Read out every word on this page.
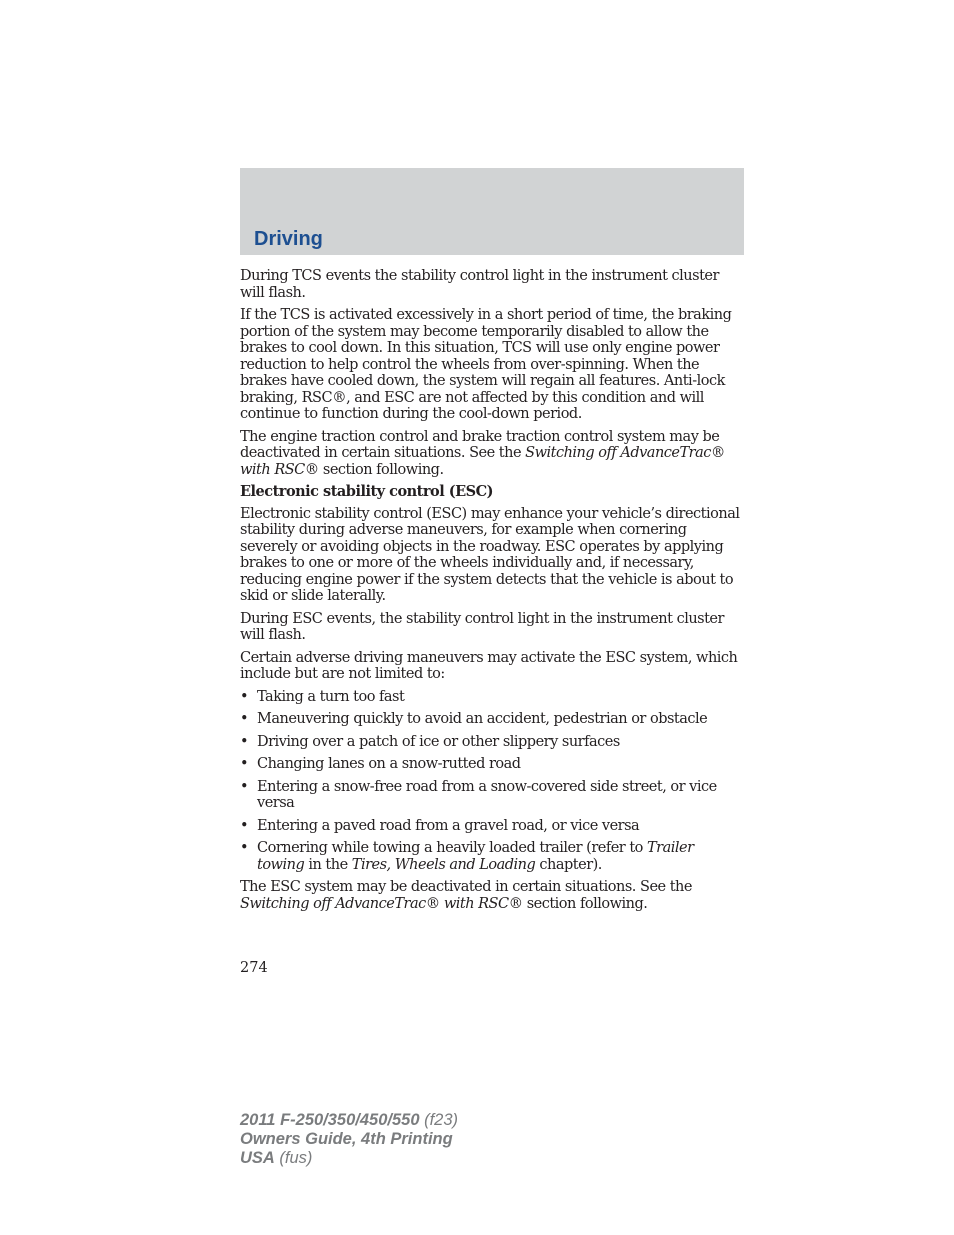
Driving

During TCS events the stability control light in the instrument cluster will flash.

If the TCS is activated excessively in a short period of time, the braking portion of the system may become temporarily disabled to allow the brakes to cool down. In this situation, TCS will use only engine power reduction to help control the wheels from over-spinning. When the brakes have cooled down, the system will regain all features. Anti-lock braking, RSC®, and ESC are not affected by this condition and will continue to function during the cool-down period.

The engine traction control and brake traction control system may be deactivated in certain situations. See the Switching off AdvanceTrac® with RSC® section following.

Electronic stability control (ESC)

Electronic stability control (ESC) may enhance your vehicle’s directional stability during adverse maneuvers, for example when cornering severely or avoiding objects in the roadway. ESC operates by applying brakes to one or more of the wheels individually and, if necessary, reducing engine power if the system detects that the vehicle is about to skid or slide laterally.

During ESC events, the stability control light in the instrument cluster will flash.

Certain adverse driving maneuvers may activate the ESC system, which include but are not limited to:

• Taking a turn too fast
• Maneuvering quickly to avoid an accident, pedestrian or obstacle
• Driving over a patch of ice or other slippery surfaces
• Changing lanes on a snow-rutted road
• Entering a snow-free road from a snow-covered side street, or vice versa
• Entering a paved road from a gravel road, or vice versa
• Cornering while towing a heavily loaded trailer (refer to Trailer towing in the Tires, Wheels and Loading chapter).

The ESC system may be deactivated in certain situations. See the Switching off AdvanceTrac® with RSC® section following.

274
2011 F-250/350/450/550 (f23)
Owners Guide, 4th Printing
USA (fus)
